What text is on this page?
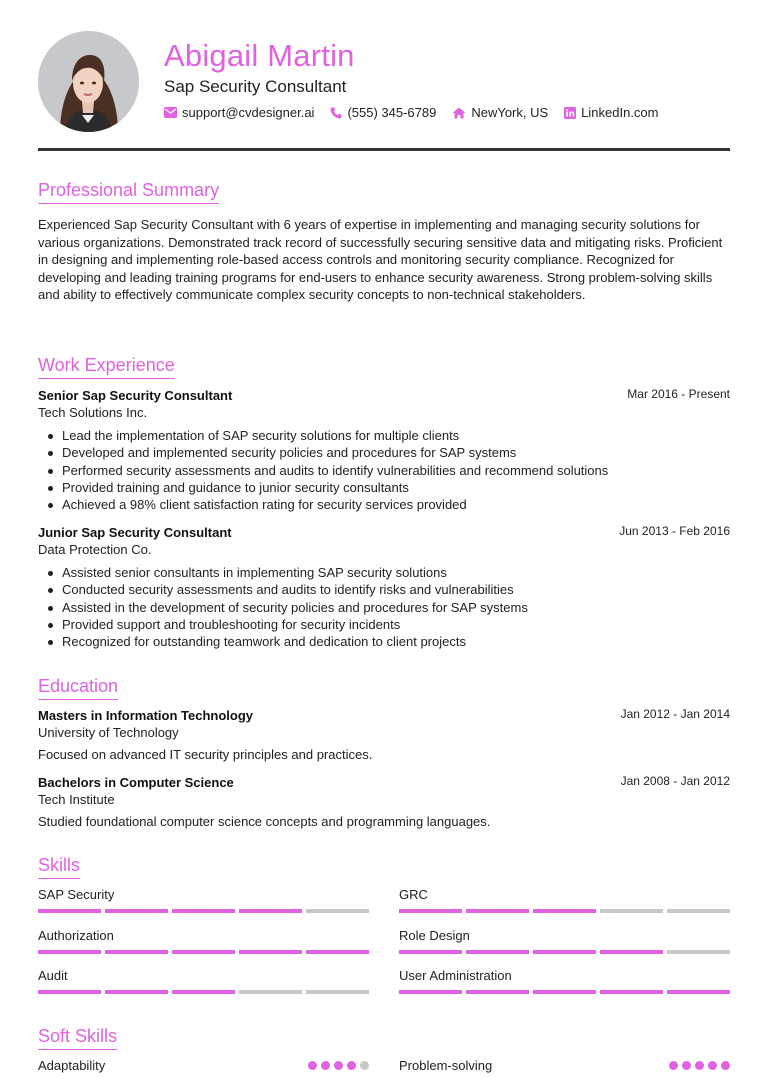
Abigail Martin
Sap Security Consultant
support@cvdesigner.ai	(555) 345-6789	NewYork, US	LinkedIn.com
Professional Summary
Experienced Sap Security Consultant with 6 years of expertise in implementing and managing security solutions for various organizations. Demonstrated track record of successfully securing sensitive data and mitigating risks. Proficient in designing and implementing role-based access controls and monitoring security compliance. Recognized for developing and leading training programs for end-users to enhance security awareness. Strong problem-solving skills and ability to effectively communicate complex security concepts to non-technical stakeholders.
Work Experience
Senior Sap Security Consultant	Mar 2016 - Present
Tech Solutions Inc.
Lead the implementation of SAP security solutions for multiple clients
Developed and implemented security policies and procedures for SAP systems
Performed security assessments and audits to identify vulnerabilities and recommend solutions
Provided training and guidance to junior security consultants
Achieved a 98% client satisfaction rating for security services provided
Junior Sap Security Consultant	Jun 2013 - Feb 2016
Data Protection Co.
Assisted senior consultants in implementing SAP security solutions
Conducted security assessments and audits to identify risks and vulnerabilities
Assisted in the development of security policies and procedures for SAP systems
Provided support and troubleshooting for security incidents
Recognized for outstanding teamwork and dedication to client projects
Education
Masters in Information Technology	Jan 2012 - Jan 2014
University of Technology
Focused on advanced IT security principles and practices.
Bachelors in Computer Science	Jan 2008 - Jan 2012
Tech Institute
Studied foundational computer science concepts and programming languages.
Skills
SAP Security	GRC
Authorization	Role Design
Audit	User Administration
Soft Skills
Adaptability	Problem-solving
